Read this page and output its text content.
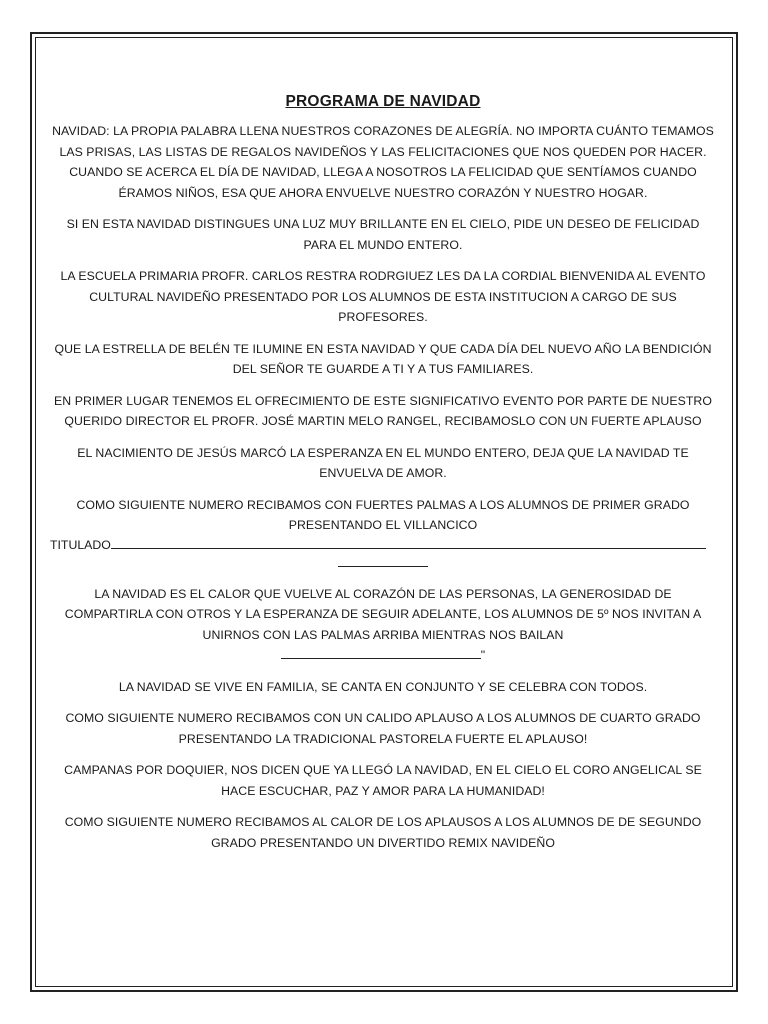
PROGRAMA DE NAVIDAD

NAVIDAD: LA PROPIA PALABRA LLENA NUESTROS CORAZONES DE ALEGRÍA. NO IMPORTA CUÁNTO TEMAMOS LAS PRISAS, LAS LISTAS DE REGALOS NAVIDEÑOS Y LAS FELICITACIONES QUE NOS QUEDEN POR HACER. CUANDO SE ACERCA EL DÍA DE NAVIDAD, LLEGA A NOSOTROS LA FELICIDAD QUE SENTÍAMOS CUANDO ÉRAMOS NIÑOS, ESA QUE AHORA ENVUELVE NUESTRO CORAZÓN Y NUESTRO HOGAR.

SI EN ESTA NAVIDAD DISTINGUES UNA LUZ MUY BRILLANTE EN EL CIELO, PIDE UN DESEO DE FELICIDAD PARA EL MUNDO ENTERO.

LA ESCUELA PRIMARIA PROFR. CARLOS RESTRA RODRGIUEZ LES DA LA CORDIAL BIENVENIDA AL EVENTO CULTURAL NAVIDEÑO PRESENTADO POR LOS ALUMNOS DE ESTA INSTITUCION A CARGO DE SUS PROFESORES.

QUE LA ESTRELLA DE BELÉN TE ILUMINE EN ESTA NAVIDAD Y QUE CADA DÍA DEL NUEVO AÑO LA BENDICIÓN DEL SEÑOR TE GUARDE A TI Y A TUS FAMILIARES.

EN PRIMER LUGAR TENEMOS EL OFRECIMIENTO DE ESTE SIGNIFICATIVO EVENTO POR PARTE DE NUESTRO QUERIDO DIRECTOR EL PROFR. JOSÉ MARTIN MELO RANGEL, RECIBAMOSLO CON UN FUERTE APLAUSO

EL NACIMIENTO DE JESÚS MARCÓ LA ESPERANZA EN EL MUNDO ENTERO, DEJA QUE LA NAVIDAD TE ENVUELVA DE AMOR.

COMO SIGUIENTE NUMERO RECIBAMOS CON FUERTES PALMAS A LOS ALUMNOS DE PRIMER GRADO PRESENTANDO EL VILLANCICO

TITULADO

LA NAVIDAD ES EL CALOR QUE VUELVE AL CORAZÓN DE LAS PERSONAS, LA GENEROSIDAD DE COMPARTIRLA CON OTROS Y LA ESPERANZA DE SEGUIR ADELANTE, LOS ALUMNOS DE 5º NOS INVITAN A UNIRNOS CON LAS PALMAS ARRIBA MIENTRAS NOS BAILAN
"

LA NAVIDAD SE VIVE EN FAMILIA, SE CANTA EN CONJUNTO Y SE CELEBRA CON TODOS.

COMO SIGUIENTE NUMERO RECIBAMOS CON UN CALIDO APLAUSO A LOS ALUMNOS DE CUARTO GRADO PRESENTANDO LA TRADICIONAL PASTORELA FUERTE EL APLAUSO!

CAMPANAS POR DOQUIER, NOS DICEN QUE YA LLEGÓ LA NAVIDAD, EN EL CIELO EL CORO ANGELICAL SE HACE ESCUCHAR, PAZ Y AMOR PARA LA HUMANIDAD!

COMO SIGUIENTE NUMERO RECIBAMOS AL CALOR DE LOS APLAUSOS A LOS ALUMNOS DE DE SEGUNDO GRADO PRESENTANDO UN DIVERTIDO REMIX NAVIDEÑO
